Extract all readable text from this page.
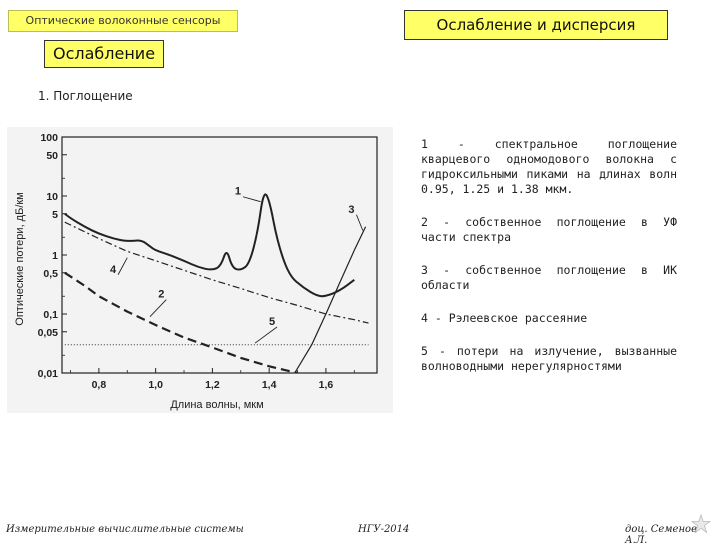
Оптические волоконные сенсоры	Ослабление и дисперсия
Ослабление
1. Поглощение
Оптические потери, дБ/км
Длина волны, мкм
100
50
10
5
1
0,5
0,1
0,05
0,01
0,8	1,0	1,2	1,4	1,6
1
2
3
4
5

1 - спектральное поглощение кварцевого одномодового волокна с гидроксильными пиками на длинах волн 0.95, 1.25 и 1.38 мкм.

2 - собственное поглощение в УФ части спектра

3 - собственное поглощение в ИК области

4 - Рэлеевское рассеяние

5 - потери на излучение, вызванные волноводными нерегулярностями

Измерительные вычислительные системы	НГУ-2014	доц. Семенов А.Л.
